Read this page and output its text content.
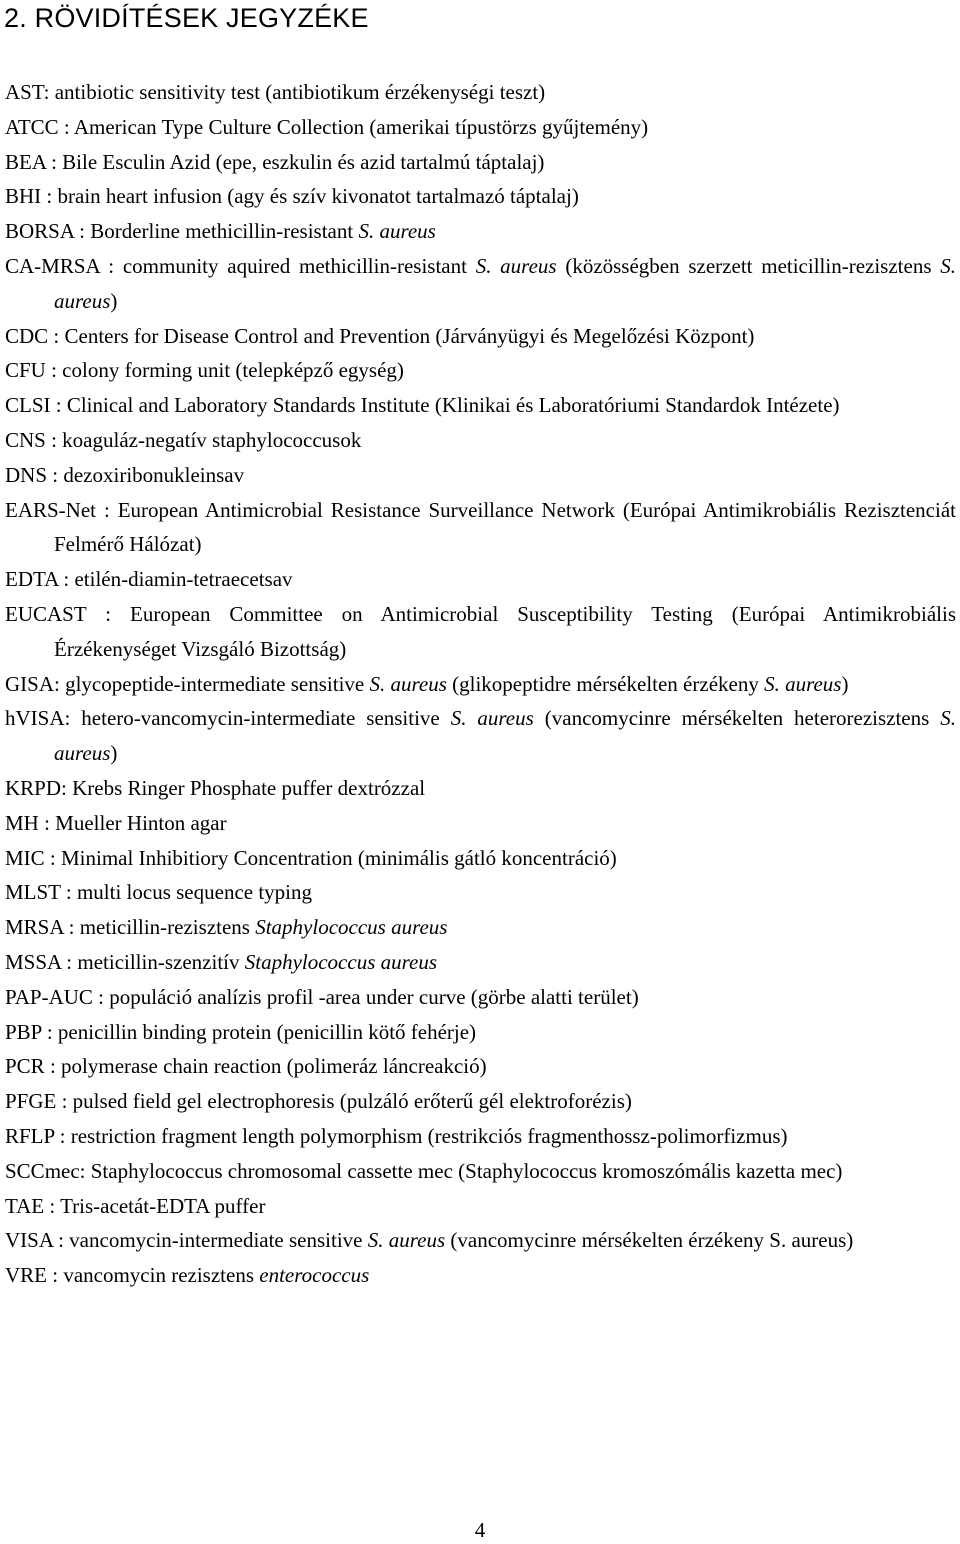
2. RÖVIDÍTÉSEK JEGYZÉKE
AST: antibiotic sensitivity test (antibiotikum érzékenységi teszt)
ATCC : American Type Culture Collection (amerikai típustörzs gyűjtemény)
BEA : Bile Esculin Azid (epe, eszkulin és azid tartalmú táptalaj)
BHI : brain heart infusion (agy és szív kivonatot tartalmazó táptalaj)
BORSA : Borderline methicillin-resistant S. aureus
CA-MRSA : community aquired methicillin-resistant S. aureus (közösségben szerzett meticillin-rezisztens S. aureus)
CDC : Centers for Disease Control and Prevention (Járványügyi és Megelőzési Központ)
CFU : colony forming unit (telepképző egység)
CLSI : Clinical and Laboratory Standards Institute (Klinikai és Laboratóriumi Standardok Intézete)
CNS : koaguláz-negatív staphylococcusok
DNS : dezoxiribonukleinsav
EARS-Net : European Antimicrobial Resistance Surveillance Network (Európai Antimikrobiális Rezisztenciát Felmérő Hálózat)
EDTA : etilén-diamin-tetraecetsav
EUCAST : European Committee on Antimicrobial Susceptibility Testing (Európai Antimikrobiális Érzékenységet Vizsgáló Bizottság)
GISA: glycopeptide-intermediate sensitive S. aureus (glikopeptidre mérsékelten érzékeny S. aureus)
hVISA: hetero-vancomycin-intermediate sensitive S. aureus (vancomycinre mérsékelten heterorezisztens S. aureus)
KRPD: Krebs Ringer Phosphate puffer dextrózzal
MH : Mueller Hinton agar
MIC : Minimal Inhibitiory Concentration (minimális gátló koncentráció)
MLST : multi locus sequence typing
MRSA : meticillin-rezisztens Staphylococcus aureus
MSSA : meticillin-szenzitív Staphylococcus aureus
PAP-AUC : populáció analízis profil -area under curve (görbe alatti terület)
PBP : penicillin binding protein (penicillin kötő fehérje)
PCR : polymerase chain reaction (polimeráz láncreakció)
PFGE : pulsed field gel electrophoresis (pulzáló erőterű gél elektroforézis)
RFLP : restriction fragment length polymorphism (restrikciós fragmenthossz-polimorfizmus)
SCCmec: Staphylococcus chromosomal cassette mec (Staphylococcus kromoszómális kazetta mec)
TAE : Tris-acetát-EDTA puffer
VISA : vancomycin-intermediate sensitive S. aureus (vancomycinre mérsékelten érzékeny S. aureus)
VRE : vancomycin rezisztens enterococcus
4
